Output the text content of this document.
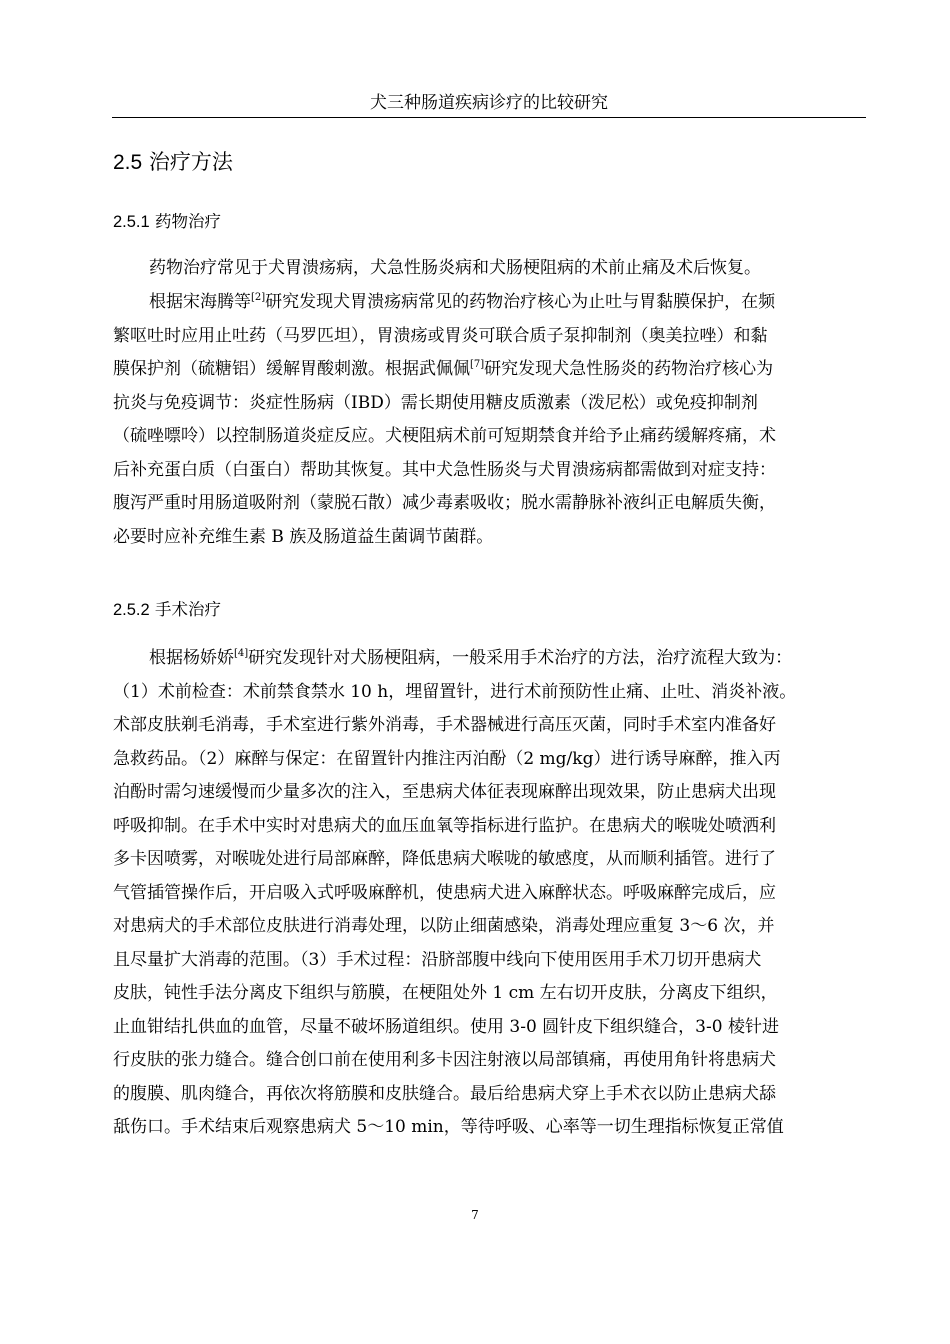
犬三种肠道疾病诊疗的比较研究
2.5 治疗方法
2.5.1 药物治疗

药物治疗常见于犬胃溃疡病，犬急性肠炎病和犬肠梗阻病的术前止痛及术后恢复。

根据宋海腾等[2]研究发现犬胃溃疡病常见的药物治疗核心为止吐与胃黏膜保护，在频
繁呕吐时应用止吐药（马罗匹坦），胃溃疡或胃炎可联合质子泵抑制剂（奥美拉唑）和黏
膜保护剂（硫糖铝）缓解胃酸刺激。根据武佩佩[7]研究发现犬急性肠炎的药物治疗核心为
抗炎与免疫调节：炎症性肠病（IBD）需长期使用糖皮质激素（泼尼松）或免疫抑制剂
（硫唑嘌呤）以控制肠道炎症反应。犬梗阻病术前可短期禁食并给予止痛药缓解疼痛，术
后补充蛋白质（白蛋白）帮助其恢复。其中犬急性肠炎与犬胃溃疡病都需做到对症支持：
腹泻严重时用肠道吸附剂（蒙脱石散）减少毒素吸收；脱水需静脉补液纠正电解质失衡，
必要时应补充维生素 B 族及肠道益生菌调节菌群。

2.5.2 手术治疗

根据杨娇娇[4]研究发现针对犬肠梗阻病，一般采用手术治疗的方法，治疗流程大致为：
（1）术前检查：术前禁食禁水 10 h，埋留置针，进行术前预防性止痛、止吐、消炎补液。
术部皮肤剃毛消毒，手术室进行紫外消毒，手术器械进行高压灭菌，同时手术室内准备好
急救药品。（2）麻醉与保定：在留置针内推注丙泊酚（2 mg/kg）进行诱导麻醉，推入丙
泊酚时需匀速缓慢而少量多次的注入，至患病犬体征表现麻醉出现效果，防止患病犬出现
呼吸抑制。在手术中实时对患病犬的血压血氧等指标进行监护。在患病犬的喉咙处喷洒利
多卡因喷雾，对喉咙处进行局部麻醉，降低患病犬喉咙的敏感度，从而顺利插管。进行了
气管插管操作后，开启吸入式呼吸麻醉机，使患病犬进入麻醉状态。呼吸麻醉完成后，应
对患病犬的手术部位皮肤进行消毒处理，以防止细菌感染，消毒处理应重复 3～6 次，并
且尽量扩大消毒的范围。（3）手术过程：沿脐部腹中线向下使用医用手术刀切开患病犬
皮肤，钝性手法分离皮下组织与筋膜，在梗阻处外 1 cm 左右切开皮肤，分离皮下组织，
止血钳结扎供血的血管，尽量不破坏肠道组织。使用 3-0 圆针皮下组织缝合，3-0 棱针进
行皮肤的张力缝合。缝合创口前在使用利多卡因注射液以局部镇痛，再使用角针将患病犬
的腹膜、肌肉缝合，再依次将筋膜和皮肤缝合。最后给患病犬穿上手术衣以防止患病犬舔
舐伤口。手术结束后观察患病犬 5～10 min，等待呼吸、心率等一切生理指标恢复正常值

7
